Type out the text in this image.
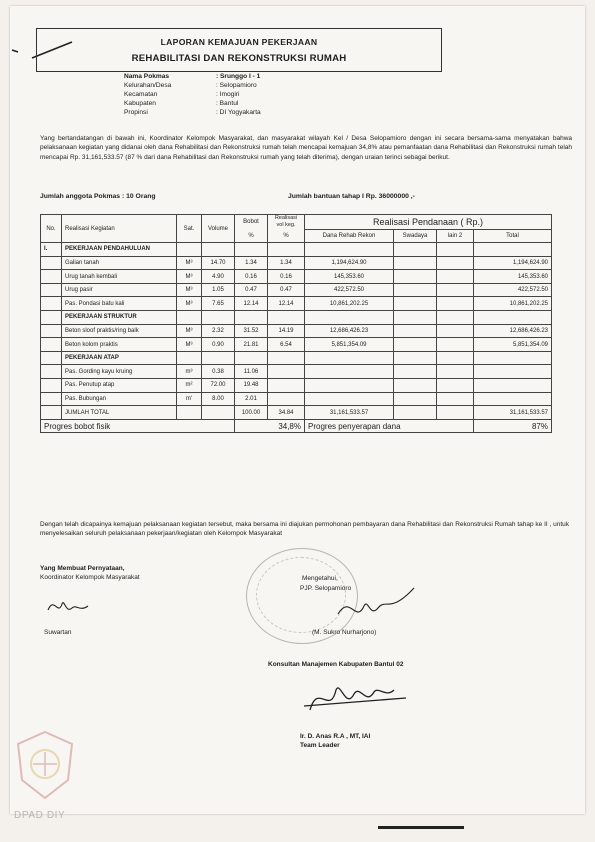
LAPORAN KEMAJUAN PEKERJAAN
REHABILITASI DAN REKONSTRUKSI RUMAH
Nama Pokmas	: Srunggo I - 1
Kelurahan/Desa	: Selopamioro
Kecamatan	: Imogiri
Kabupaten	: Bantul
Propinsi	: DI Yogyakarta
Yang bertandatangan di bawah ini, Koordinator Kelompok Masyarakat, dan masyarakat wilayah Kel / Desa Selopamioro dengan ini secara bersama-sama menyatakan bahwa pelaksanaan kegiatan yang didanai oleh dana Rehabilitasi dan Rekonstruksi rumah telah mencapai kemajuan 34,8% atau pemanfaatan dana Rehabilitasi dan Rekonstruksi rumah telah mencapai Rp. 31,161,533.57 (87 % dari dana Rehabilitasi dan Rekonstruksi rumah yang telah diterima), dengan uraian terinci sebagai berikut.
Jumlah anggota Pokmas : 10 Orang	Jumlah bantuan tahap I Rp. 36000000 ,-
No.	Realisasi Kegiatan	Sat.	Volume	Bobot	Realisasi vol keg.	Realisasi Pendanaan ( Rp.)			
				%	%	Dana Rehab Rekon	Swadaya	lain 2	Total
I.	PEKERJAAN PENDAHULUAN								
	Galian tanah	M³	14.70	1.34	1.34	1,194,624.90			1,194,624.90
	Urug tanah kembali	M³	4.90	0.16	0.16	145,353.60			145,353.60
	Urug pasir	M³	1.05	0.47	0.47	422,572.50			422,572.50
	Pas. Pondasi batu kali	M³	7.65	12.14	12.14	10,861,202.25			10,861,202.25
	PEKERJAAN STRUKTUR								
	Beton sloof praktis/ring balk	M³	2.32	31.52	14.19	12,686,426.23			12,686,426.23
	Beton kolom praktis	M³	0.90	21.81	6.54	5,851,354.09			5,851,354.09
	PEKERJAAN ATAP								
	Pas. Gording kayu kruing	m³	0.38	11.06					
	Pas. Penutup atap	m²	72.00	19.48					
	Pas. Bubungan	m'	8.00	2.01					
	JUMLAH TOTAL			100.00	34.84	31,161,533.57			31,161,533.57
Progres bobot fisik				34,8%		Progres penyerapan dana			87%
Dengan telah dicapainya kemajuan pelaksanaan kegiatan tersebut, maka bersama ini diajukan permohonan pembayaran dana Rehabilitasi dan Rekonstruksi Rumah tahap ke II , untuk menyelesaikan seluruh pelaksanaan pekerjaan/kegiatan oleh Kelompok Masyarakat
Yang Membuat Pernyataan,
Koordinator Kelompok Masyarakat
Suwartan
Mengetahui,
PJP. Selopamioro
(M. Sukro Nurharjono)
Konsultan Manajemen Kabupaten Bantul 02
Ir. D. Anas R.A , MT, IAI
Team Leader
DPAD DIY
